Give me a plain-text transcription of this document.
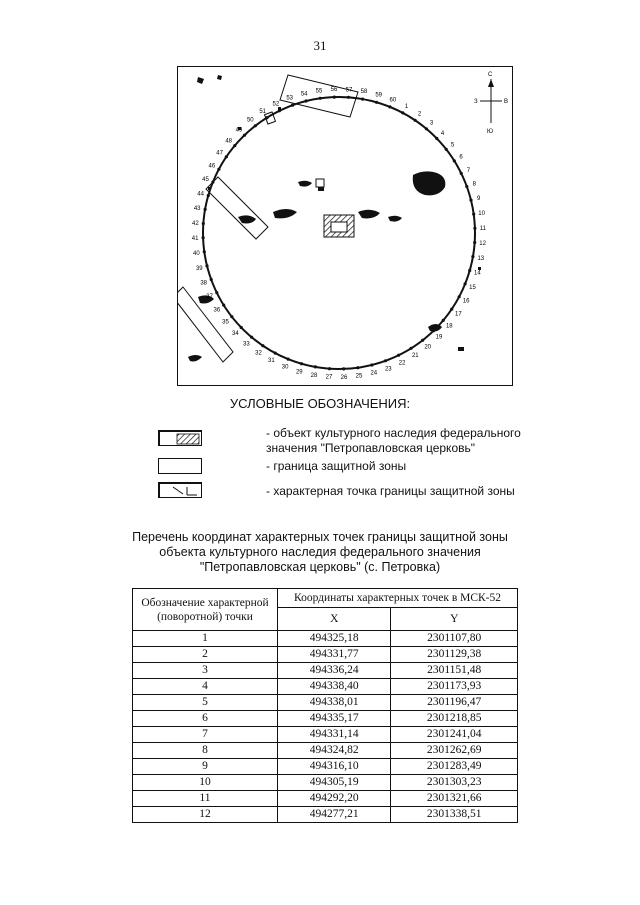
31
1
2
3
4
5
6
7
8
9
10
11
12
13
14
15
16
17
18
19
20
21
22
23
24
25
26
27
28
29
30
31
32
33
34
35
36
37
38
39
40
41
42
43
44
45
46
47
48
49
50
51
52
53
54 55 56 57 58
59
60
С
В
З
Ю
УСЛОВНЫЕ ОБОЗНАЧЕНИЯ:
- объект культурного наследия федерального
значения "Петропавловская церковь"
- граница защитной зоны
- характерная точка границы защитной зоны
Перечень координат характерных точек границы защитной зоны
объекта культурного наследия федерального значения
"Петропавловская церковь" (с. Петровка)
Обозначение характерной (поворотной) точки	Координаты характерных точек в МСК-52	
	X	Y
1	494325,18	2301107,80
2	494331,77	2301129,38
3	494336,24	2301151,48
4	494338,40	2301173,93
5	494338,01	2301196,47
6	494335,17	2301218,85
7	494331,14	2301241,04
8	494324,82	2301262,69
9	494316,10	2301283,49
10	494305,19	2301303,23
11	494292,20	2301321,66
12	494277,21	2301338,51
